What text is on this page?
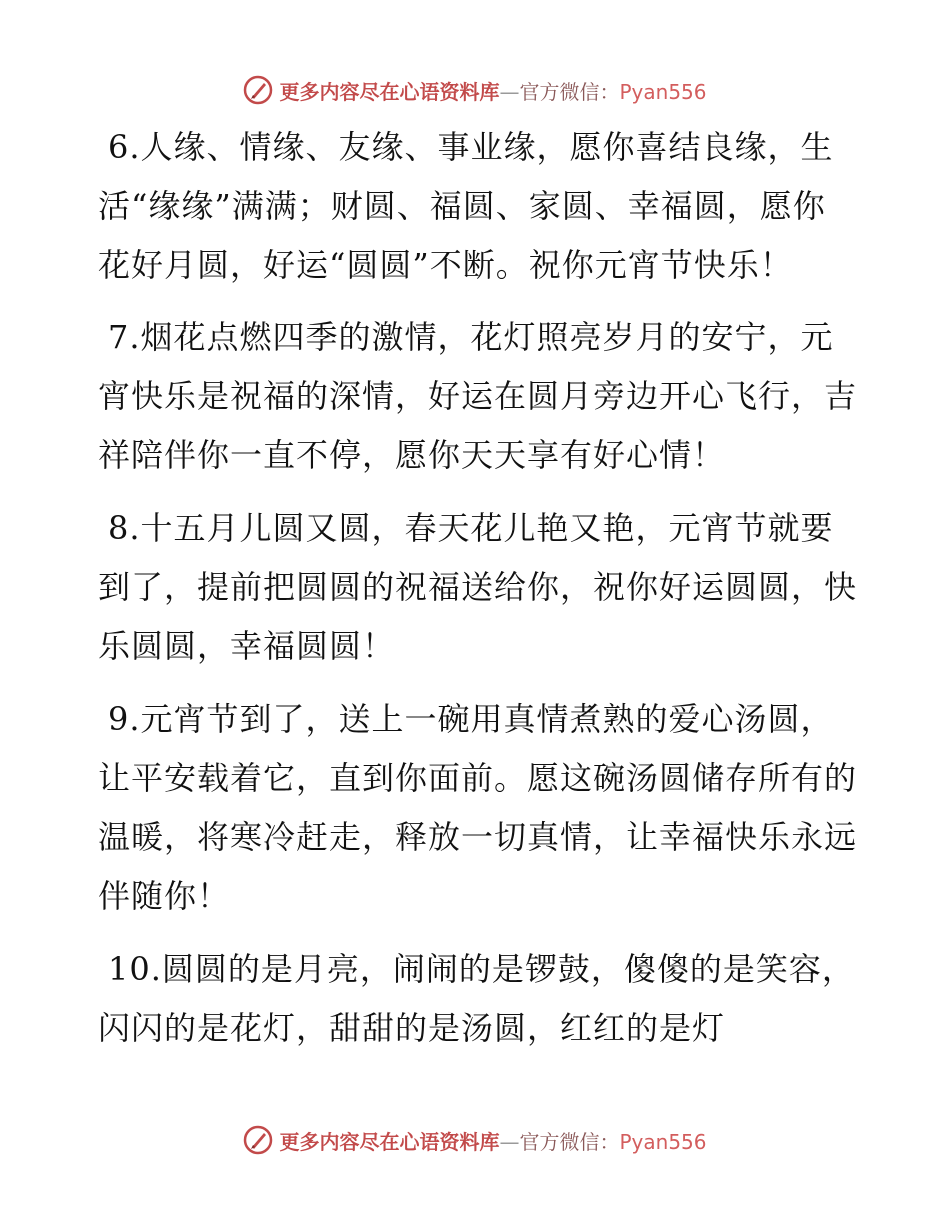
更多内容尽在心语资料库—官方微信：Pyan556

6.人缘、情缘、友缘、事业缘，愿你喜结良缘，生活“缘缘”满满；财圆、福圆、家圆、幸福圆，愿你花好月圆，好运“圆圆”不断。祝你元宵节快乐！

7.烟花点燃四季的激情，花灯照亮岁月的安宁，元宵快乐是祝福的深情，好运在圆月旁边开心飞行，吉祥陪伴你一直不停，愿你天天享有好心情！

8.十五月儿圆又圆，春天花儿艳又艳，元宵节就要到了，提前把圆圆的祝福送给你，祝你好运圆圆，快乐圆圆，幸福圆圆！

9.元宵节到了，送上一碗用真情煮熟的爱心汤圆，让平安载着它，直到你面前。愿这碗汤圆储存所有的温暖，将寒冷赶走，释放一切真情，让幸福快乐永远伴随你！

10.圆圆的是月亮，闹闹的是锣鼓，傻傻的是笑容，闪闪的是花灯，甜甜的是汤圆，红红的是灯

更多内容尽在心语资料库—官方微信：Pyan556
